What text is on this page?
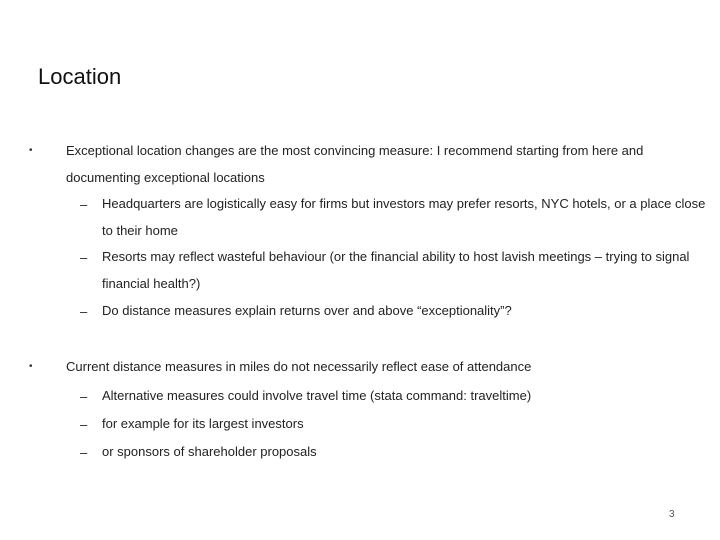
Location
•	Exceptional location changes are the most convincing measure: I recommend starting from here and documenting exceptional locations
– Headquarters are logistically easy for firms but investors may prefer resorts, NYC hotels, or a place close to their home
– Resorts may reflect wasteful behaviour (or the financial ability to host lavish meetings – trying to signal financial health?)
– Do distance measures explain returns over and above “exceptionality”?
•	Current distance measures in miles do not necessarily reflect ease of attendance
– Alternative measures could involve travel time (stata command: traveltime)
– for example for its largest investors
– or sponsors of shareholder proposals
3
